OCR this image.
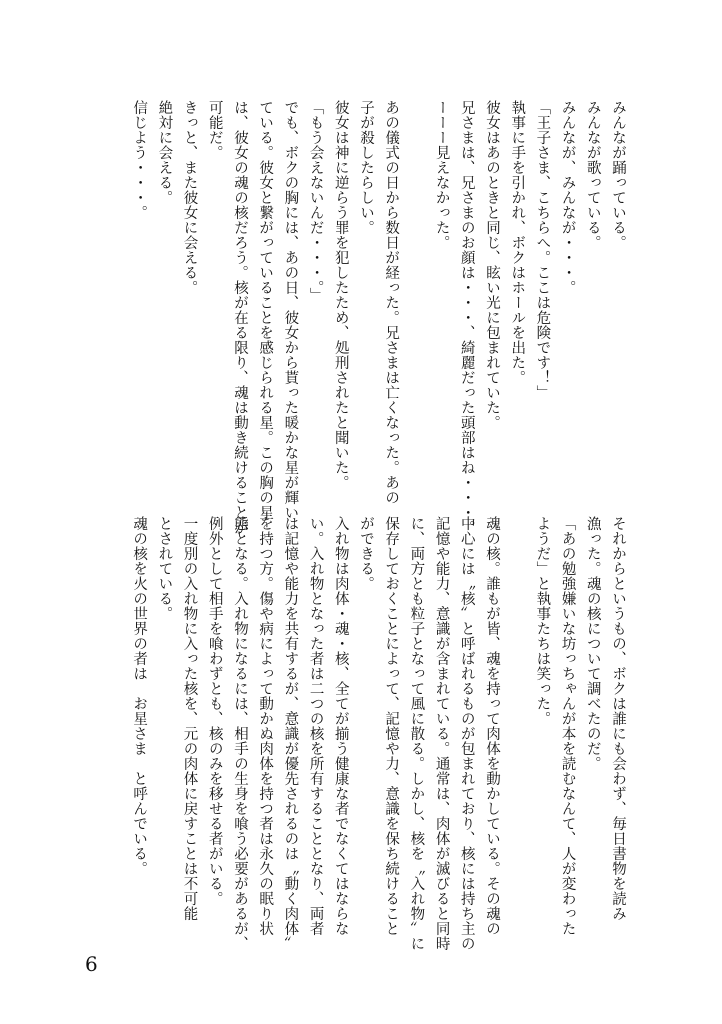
みんなが踊っている。

みんなが歌っている。

みんなが、みんなが・・・。

「王子さま、こちらへ。ここは危険です！」

執事に手を引かれ、ボクはホールを出た。

彼女はあのときと同じ、眩い光に包まれていた。

兄さまは、兄さまのお顔は・・・、綺麗だった頭部はね・・・。

ーーー見えなかった。

あの儀式の日から数日が経った。兄さまは亡くなった。あの

子が殺したらしい。

彼女は神に逆らう罪を犯したため、処刑されたと聞いた。

「もう会えないんだ・・・。」

でも、ボクの胸には、あの日、彼女から貰った暖かな星が輝い

ている。彼女と繋がっていることを感じられる星。この胸の星

は、彼女の魂の核だろう。核が在る限り、魂は動き続けることが

可能だ。

きっと、また彼女に会える。

絶対に会える。

信じよう・・・。

それからというもの、ボクは誰にも会わず、毎日書物を読み

漁った。魂の核について調べたのだ。

「あの勉強嫌いな坊っちゃんが本を読むなんて、人が変わった

ようだ」と執事たちは笑った。

魂の核。誰もが皆、魂を持って肉体を動かしている。その魂の

中心には〝核〟と呼ばれるものが包まれており、核には持ち主の

記憶や能力、意識が含まれている。通常は、肉体が滅びると同時

に、両方とも粒子となって風に散る。しかし、核を〝入れ物〟に

保存しておくことによって、記憶や力、意識を保ち続けること

ができる。

入れ物は肉体・魂・核、全てが揃う健康な者でなくてはならな

い。入れ物となった者は二つの核を所有することとなり、両者

は記憶や能力を共有するが、意識が優先されるのは〝動く肉体〟

を持つ方。傷や病によって動かぬ肉体を持つ者は永久の眠り状

態となる。入れ物になるには、相手の生身を喰う必要があるが、

例外として相手を喰わずとも、核のみを移せる者がいる。

一度別の入れ物に入った核を、元の肉体に戻すことは不可能

とされている。

魂の核を火の世界の者は　お星さま　と呼んでいる。

6
